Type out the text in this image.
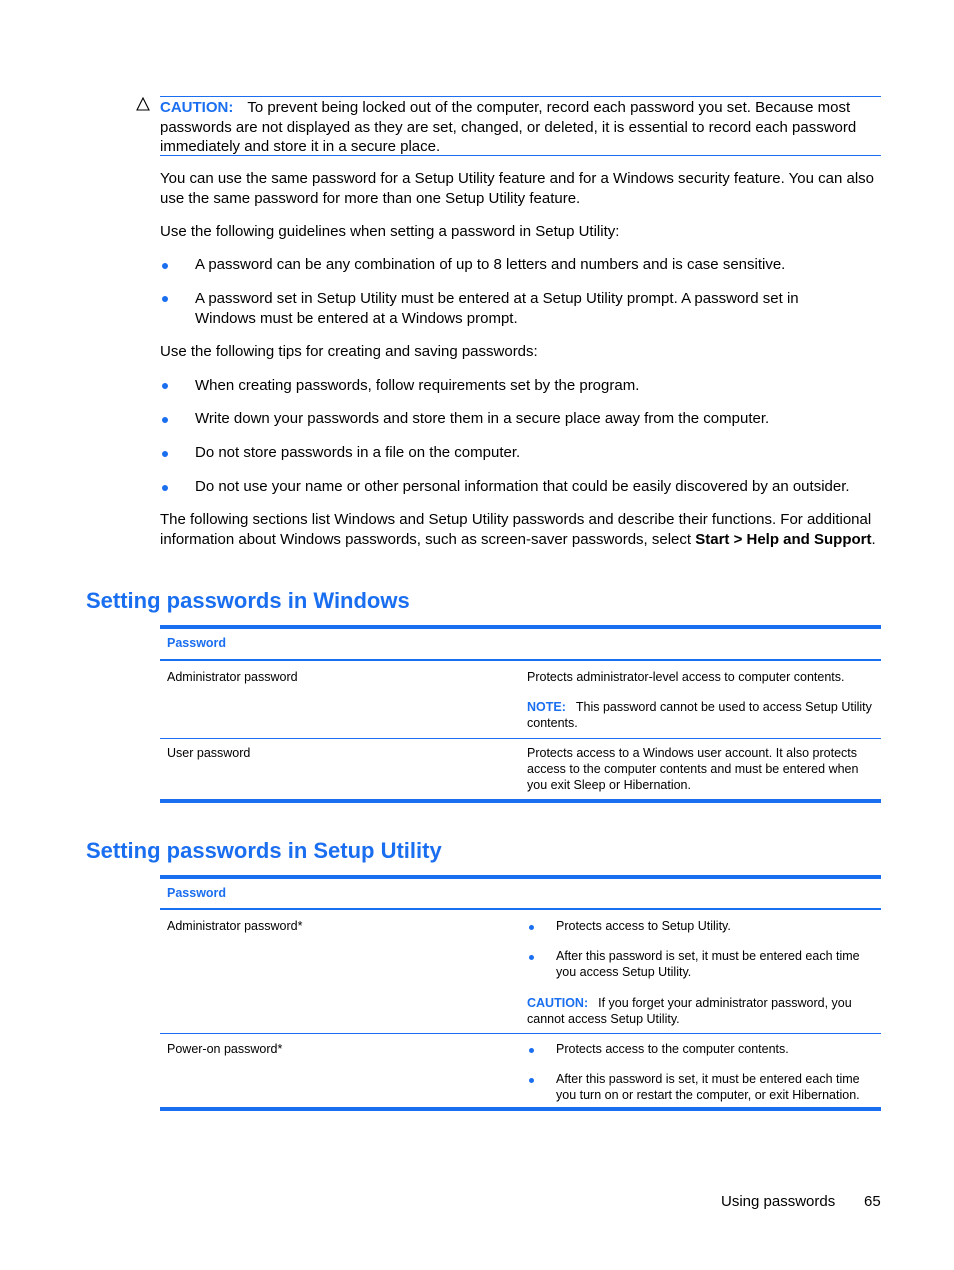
CAUTION: To prevent being locked out of the computer, record each password you set. Because most passwords are not displayed as they are set, changed, or deleted, it is essential to record each password immediately and store it in a secure place.
You can use the same password for a Setup Utility feature and for a Windows security feature. You can also use the same password for more than one Setup Utility feature.
Use the following guidelines when setting a password in Setup Utility:
A password can be any combination of up to 8 letters and numbers and is case sensitive.
A password set in Setup Utility must be entered at a Setup Utility prompt. A password set in Windows must be entered at a Windows prompt.
Use the following tips for creating and saving passwords:
When creating passwords, follow requirements set by the program.
Write down your passwords and store them in a secure place away from the computer.
Do not store passwords in a file on the computer.
Do not use your name or other personal information that could be easily discovered by an outsider.
The following sections list Windows and Setup Utility passwords and describe their functions. For additional information about Windows passwords, such as screen-saver passwords, select Start > Help and Support.
Setting passwords in Windows
Password
Administrator password	Protects administrator-level access to computer contents.
NOTE: This password cannot be used to access Setup Utility contents.
User password	Protects access to a Windows user account. It also protects access to the computer contents and must be entered when you exit Sleep or Hibernation.
Setting passwords in Setup Utility
Password
Administrator password*	Protects access to Setup Utility.
After this password is set, it must be entered each time you access Setup Utility.
CAUTION: If you forget your administrator password, you cannot access Setup Utility.
Power-on password*	Protects access to the computer contents.
After this password is set, it must be entered each time you turn on or restart the computer, or exit Hibernation.
Using passwords 65
